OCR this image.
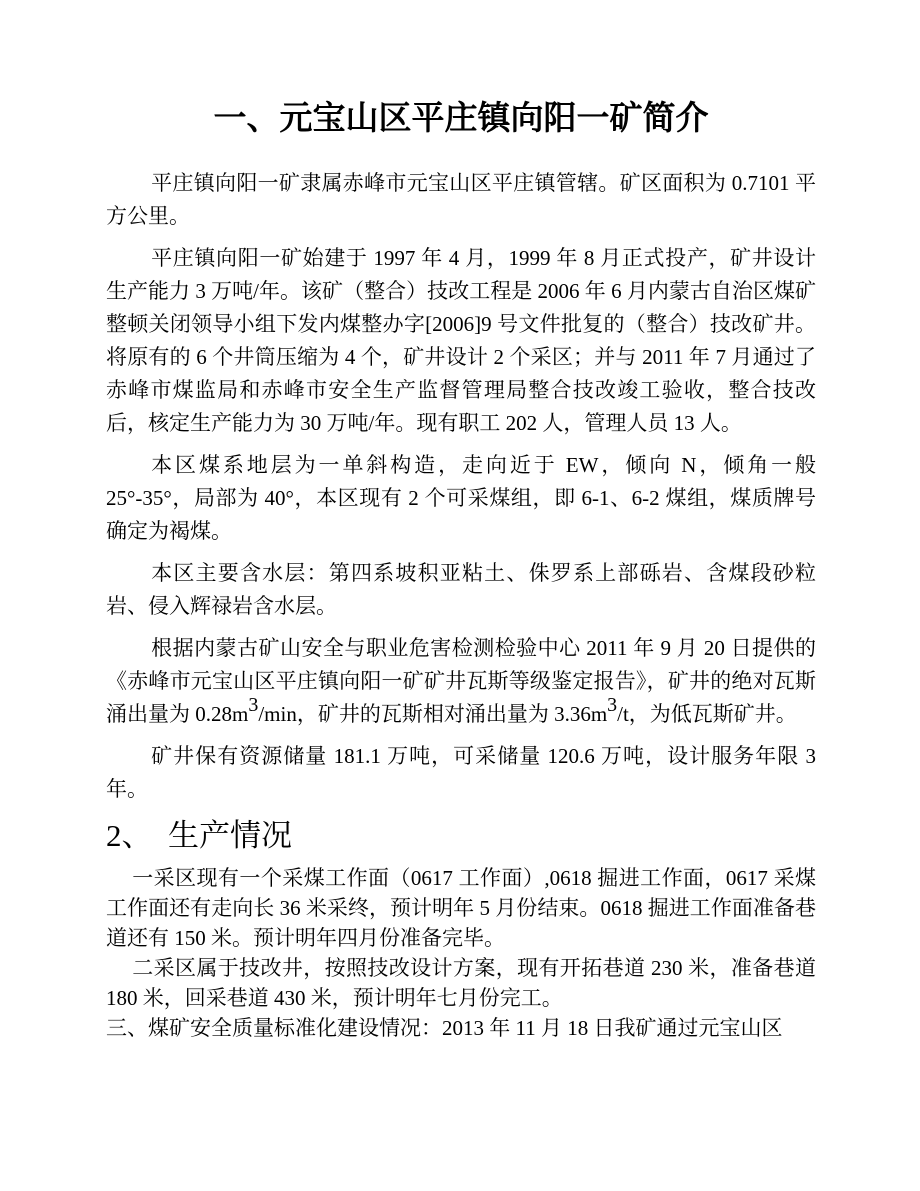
一、元宝山区平庄镇向阳一矿简介

平庄镇向阳一矿隶属赤峰市元宝山区平庄镇管辖。矿区面积为 0.7101 平方公里。

平庄镇向阳一矿始建于 1997 年 4 月，1999 年 8 月正式投产，矿井设计生产能力 3 万吨/年。该矿（整合）技改工程是 2006 年 6 月内蒙古自治区煤矿整顿关闭领导小组下发内煤整办字[2006]9 号文件批复的（整合）技改矿井。将原有的 6 个井筒压缩为 4 个，矿井设计 2 个采区；并与 2011 年 7 月通过了赤峰市煤监局和赤峰市安全生产监督管理局整合技改竣工验收，整合技改后，核定生产能力为 30 万吨/年。现有职工 202 人，管理人员 13 人。

本区煤系地层为一单斜构造，走向近于 EW，倾向 N，倾角一般 25°-35°，局部为 40°，本区现有 2 个可采煤组，即 6-1、6-2 煤组，煤质牌号确定为褐煤。

本区主要含水层：第四系坡积亚粘土、侏罗系上部砾岩、含煤段砂粒岩、侵入辉禄岩含水层。

根据内蒙古矿山安全与职业危害检测检验中心 2011 年 9 月 20 日提供的《赤峰市元宝山区平庄镇向阳一矿矿井瓦斯等级鉴定报告》，矿井的绝对瓦斯涌出量为 0.28m3/min，矿井的瓦斯相对涌出量为 3.36m3/t，为低瓦斯矿井。

矿井保有资源储量 181.1 万吨，可采储量 120.6 万吨，设计服务年限 3 年。

2、　生产情况

一采区现有一个采煤工作面（0617 工作面）,0618 掘进工作面，0617 采煤工作面还有走向长 36 米采终，预计明年 5 月份结束。0618 掘进工作面准备巷道还有 150 米。预计明年四月份准备完毕。

二采区属于技改井，按照技改设计方案，现有开拓巷道 230 米，准备巷道 180 米，回采巷道 430 米，预计明年七月份完工。

三、煤矿安全质量标准化建设情况：2013 年 11 月 18 日我矿通过元宝山区
